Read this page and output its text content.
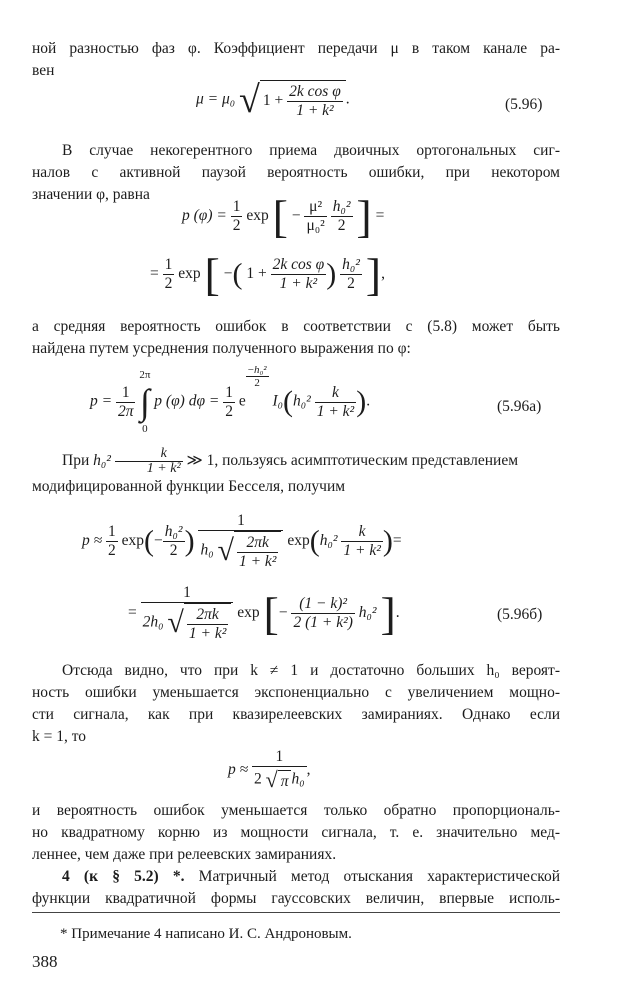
ной разностью фаз φ. Коэффициент передачи μ в таком канале ра-
вен
μ = μ₀ √ $1 + \frac{\text{2k cos φ}}{\text{1 + k²}}$ .	(5.96)
В случае некогерентного приема двоичных ортогональных сиг-
налов с активной паузой вероятность ошибки, при некотором
значении φ, равна
p $(\varphi) = \frac{1}{2}$ exp [ − $\frac{\text{μ²}}{\text{μ₀²}}$
$\frac{\text{h₀²}}{2}$ ] =
= $\frac{1}{2}$ exp [ −( $1 + \frac{\text{2k cos φ}}{\text{1 + k²}}$ ) $\frac{\text{h₀²}}{2}$ ],
а средняя вероятность ошибок в соответствии с (5.8) может быть
найдена путем усреднения полученного выражения по φ:
$p = \frac{1}{2\pi}$

2π
∫
0
p (φ) $d\varphi = \frac{1}{2}$ e
$\frac{\text{−h₀²}}{2}$
$I_0(h_0^2 \frac{k}{\text{1 + k²}}$ ).	(5.96а)
При $h_0^2 \frac{k}{\text{1 + k²}}$ ≫ 1, пользуясь асимптотическим представлением
модифицированной функции Бесселя, получим
$p \approx \frac{1}{2} \exp(- \frac{\text{h₀²}}{2}$ ) $\frac{1}{h_0 √ \frac{2\pi k}{\text{1 + k²}}} \exp(h_0^2 \frac{k}{\text{1 + k²}}$ )=
= $\frac{1}{2h_0 √ \frac{2\pi k}{\text{1 + k²}}}$ exp [− $\frac{\text{(1 − k)²}}{\text{2 (1 + k²)}} h_0^2$ ].	(5.96б)
Отсюда видно, что при k ≠ 1 и достаточно больших h₀ вероят-
ность ошибки уменьшается экспоненциально с увеличением мощно-
сти сигнала, как при квазирелеевских замираниях. Однако если
k = 1, то
$p \approx \frac{1}{\text{2 √ π h₀}}$ ,
и вероятность ошибок уменьшается только обратно пропорциональ-
но квадратному корню из мощности сигнала, т. е. значительно мед-
леннее, чем даже при релеевских замираниях.
4 (к § 5.2) *. Матричный метод отыскания характеристической
функции квадратичной формы гауссовских величин, впервые исполь-
* Примечание 4 написано И. С. Андроновым.
388
